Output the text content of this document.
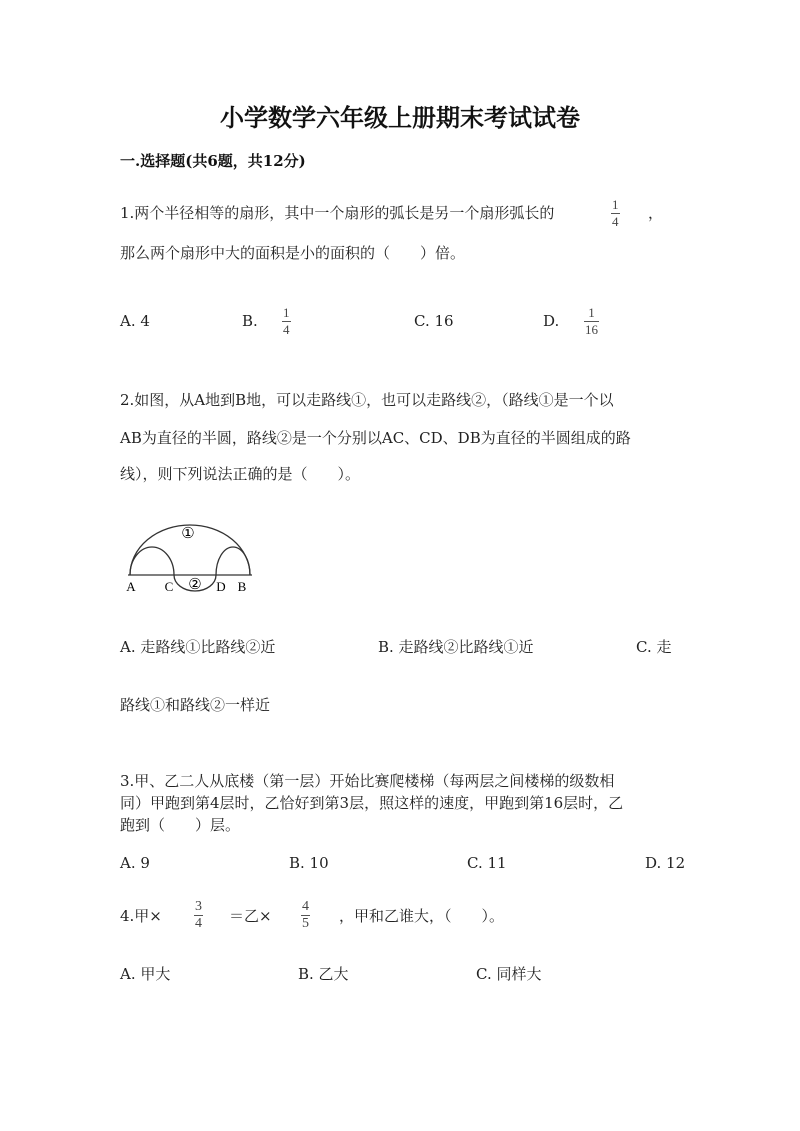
小学数学六年级上册期末考试试卷
一.选择题(共6题，共12分)
1.两个半径相等的扇形，其中一个扇形的弧长是另一个扇形弧长的	1
4 ，
那么两个扇形中大的面积是小的面积的（　　）倍。
A. 4	B. 1
4	C. 16	D. 1
16
2.如图，从A地到B地，可以走路线①，也可以走路线②，（路线①是一个以
AB为直径的半圆，路线②是一个分别以AC、CD、DB为直径的半圆组成的路
线），则下列说法正确的是（　　）。
①
②
A C	D B
A. 走路线①比路线②近	B. 走路线②比路线①近	C. 走
路线①和路线②一样近
3.甲、乙二人从底楼（第一层）开始比赛爬楼梯（每两层之间楼梯的级数相
同）甲跑到第4层时，乙恰好到第3层，照这样的速度，甲跑到第16层时，乙
跑到（　　）层。
A. 9	B. 10	C. 11	D. 12
4.甲×
3
4 ＝乙×
4
5 ，甲和乙谁大，（　　）。
A. 甲大	B. 乙大	C. 同样大
